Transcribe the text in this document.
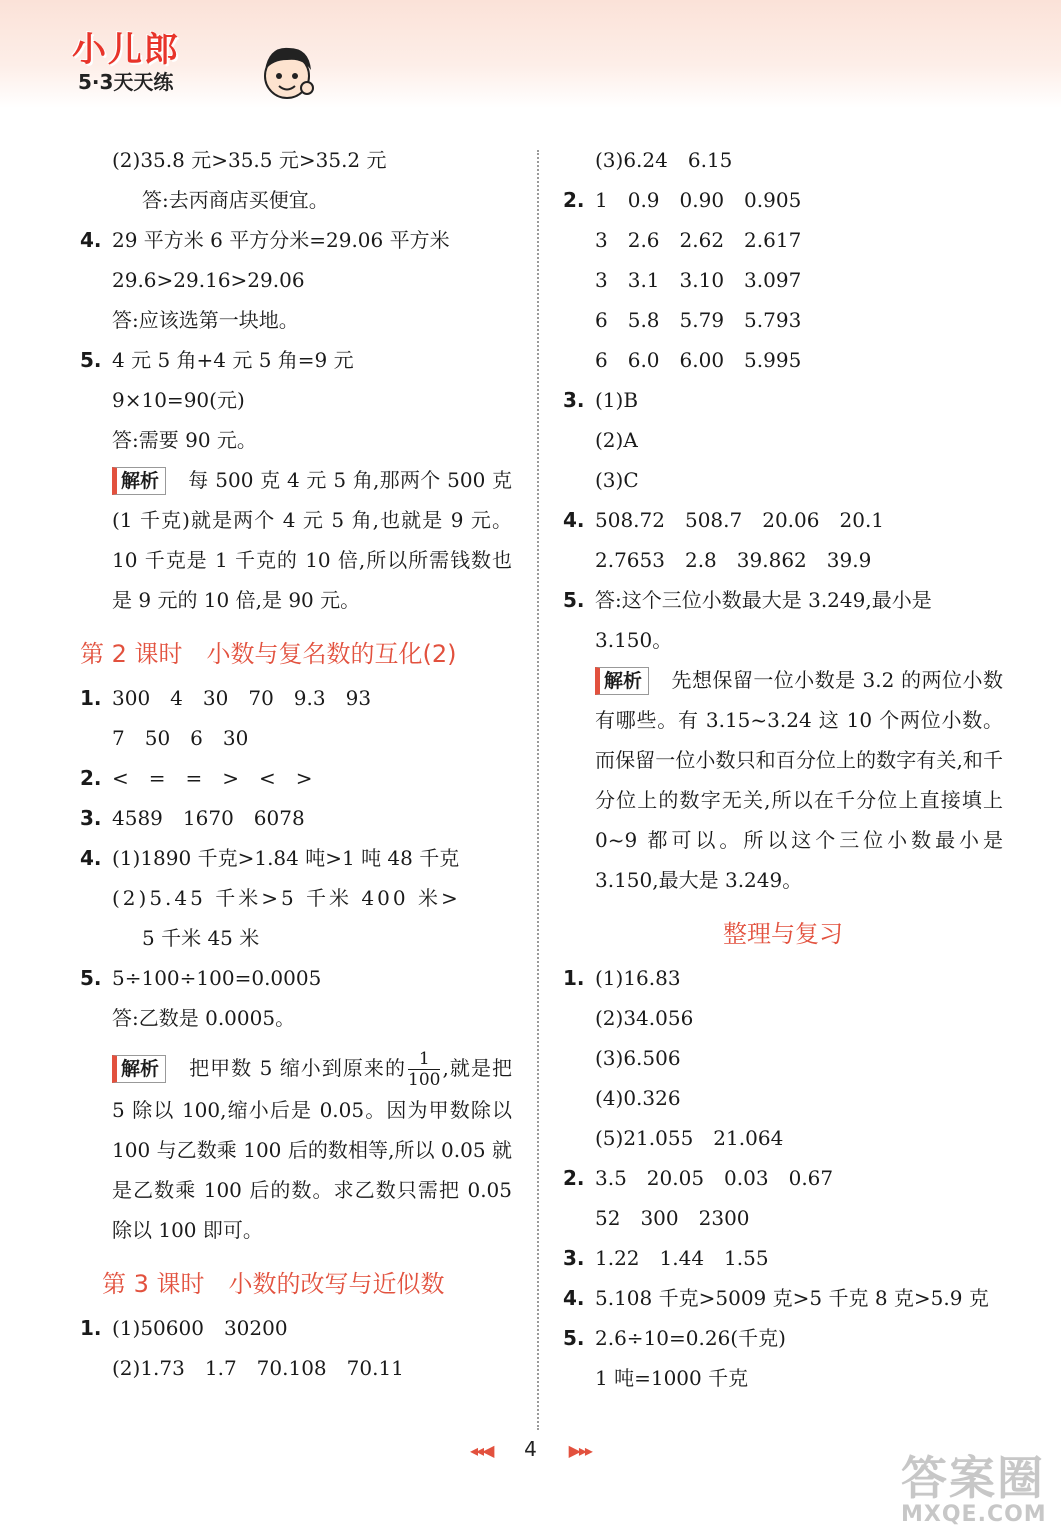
小儿郎
5·3天天练
(2)35.8 元>35.5 元>35.2 元
答:去丙商店买便宜。
4. 29 平方米 6 平方分米=29.06 平方米
29.6>29.16>29.06
答:应该选第一块地。
5. 4 元 5 角+4 元 5 角=9 元
9×10=90(元)
答:需要 90 元。
解析 每 500 克 4 元 5 角,那两个 500 克(1 千克)就是两个 4 元 5 角,也就是 9 元。10 千克是 1 千克的 10 倍,所以所需钱数也是 9 元的 10 倍,是 90 元。
第 2 课时　小数与复名数的互化(2)
1. 300　4　30　70　9.3　93
7　50　6　30
2. <　=　=　>　<　>
3. 4589　1670　6078
4. (1)1890 千克>1.84 吨>1 吨 48 千克
(2)5.45 千米>5 千米 400 米>
5 千米 45 米
5. 5÷100÷100=0.0005
答:乙数是 0.0005。
解析 把甲数 5 缩小到原来的 $\frac{1}{100}$ ,就是把 5 除以 100,缩小后是 0.05。因为甲数除以 100 与乙数乘 100 后的数相等,所以 0.05 就是乙数乘 100 后的数。求乙数只需把 0.05 除以 100 即可。
第 3 课时　小数的改写与近似数
1. (1)50600　30200
(2)1.73　1.7　70.108　70.11
(3)6.24　6.15
2. 1　0.9　0.90　0.905
3　2.6　2.62　2.617
3　3.1　3.10　3.097
6　5.8　5.79　5.793
6　6.0　6.00　5.995
3. (1)B
(2)A
(3)C
4. 508.72　508.7　20.06　20.1
2.7653　2.8　39.862　39.9
5. 答:这个三位小数最大是 3.249,最小是
3.150。
解析 先想保留一位小数是 3.2 的两位小数有哪些。有 3.15~3.24 这 10 个两位小数。而保留一位小数只和百分位上的数字有关,和千分位上的数字无关,所以在千分位上直接填上 0~9 都可以。所以这个三位小数最小是 3.150,最大是 3.249。
整理与复习
1. (1)16.83
(2)34.056
(3)6.506
(4)0.326
(5)21.055　21.064
2. 3.5　20.05　0.03　0.67
52　300　2300
3. 1.22　1.44　1.55
4. 5.108 千克>5009 克>5 千克 8 克>5.9 克
5. 2.6÷10=0.26(千克)
1 吨=1000 千克
◂◂◀ 4 ▶▸▸
答案圈
MXQE.COM
